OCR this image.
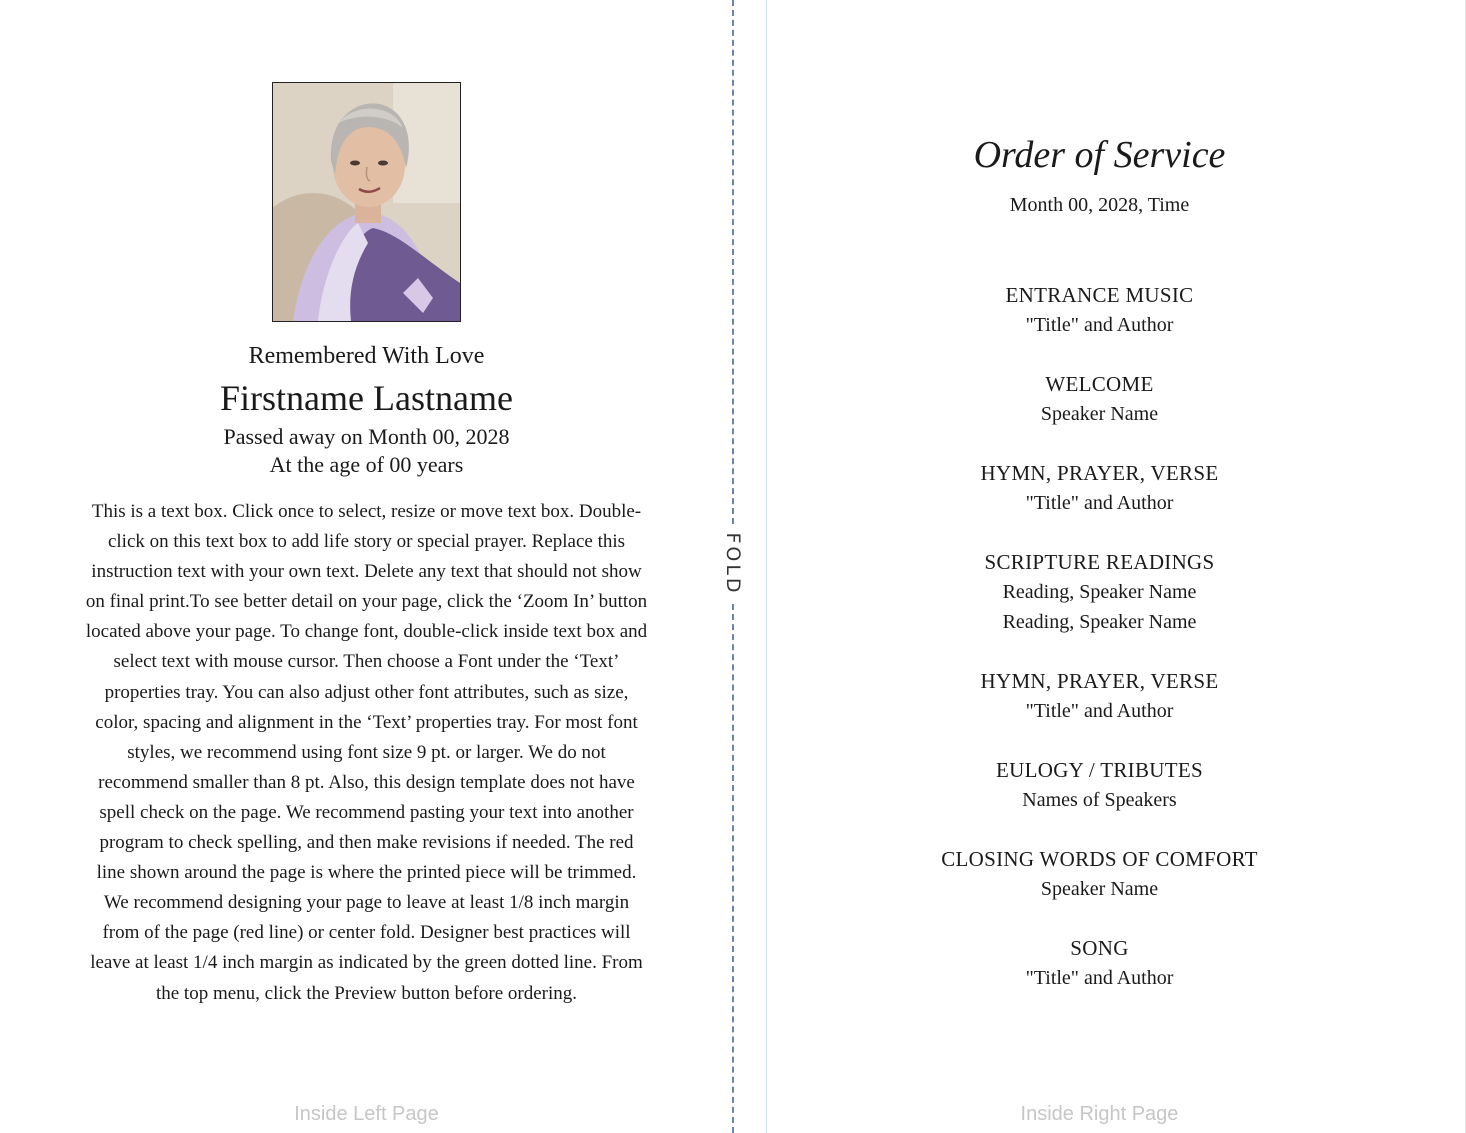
Remembered With Love
Firstname Lastname
Passed away on Month 00, 2028
At the age of 00 years
This is a text box. Click once to select, resize or move text box. Double-click on this text box to add life story or special prayer. Replace this instruction text with your own text. Delete any text that should not show on final print.To see better detail on your page, click the ‘Zoom In’ button located above your page. To change font, double-click inside text box and select text with mouse cursor. Then choose a Font under the ‘Text’ properties tray. You can also adjust other font attributes, such as size, color, spacing and alignment in the ‘Text’ properties tray. For most font styles, we recommend using font size 9 pt. or larger. We do not recommend smaller than 8 pt. Also, this design template does not have spell check on the page. We recommend pasting your text into another program to check spelling, and then make revisions if needed. The red line shown around the page is where the printed piece will be trimmed. We recommend designing your page to leave at least 1/8 inch margin from of the page (red line) or center fold. Designer best practices will leave at least 1/4 inch margin as indicated by the green dotted line. From the top menu, click the Preview button before ordering.
Inside Left Page
FOLD
Order of Service
Month 00, 2028, Time
ENTRANCE MUSIC
"Title" and Author
WELCOME
Speaker Name
HYMN, PRAYER, VERSE
"Title" and Author
SCRIPTURE READINGS
Reading, Speaker Name
Reading, Speaker Name
HYMN, PRAYER, VERSE
"Title" and Author
EULOGY / TRIBUTES
Names of Speakers
CLOSING WORDS OF COMFORT
Speaker Name
SONG
"Title" and Author
Inside Right Page
